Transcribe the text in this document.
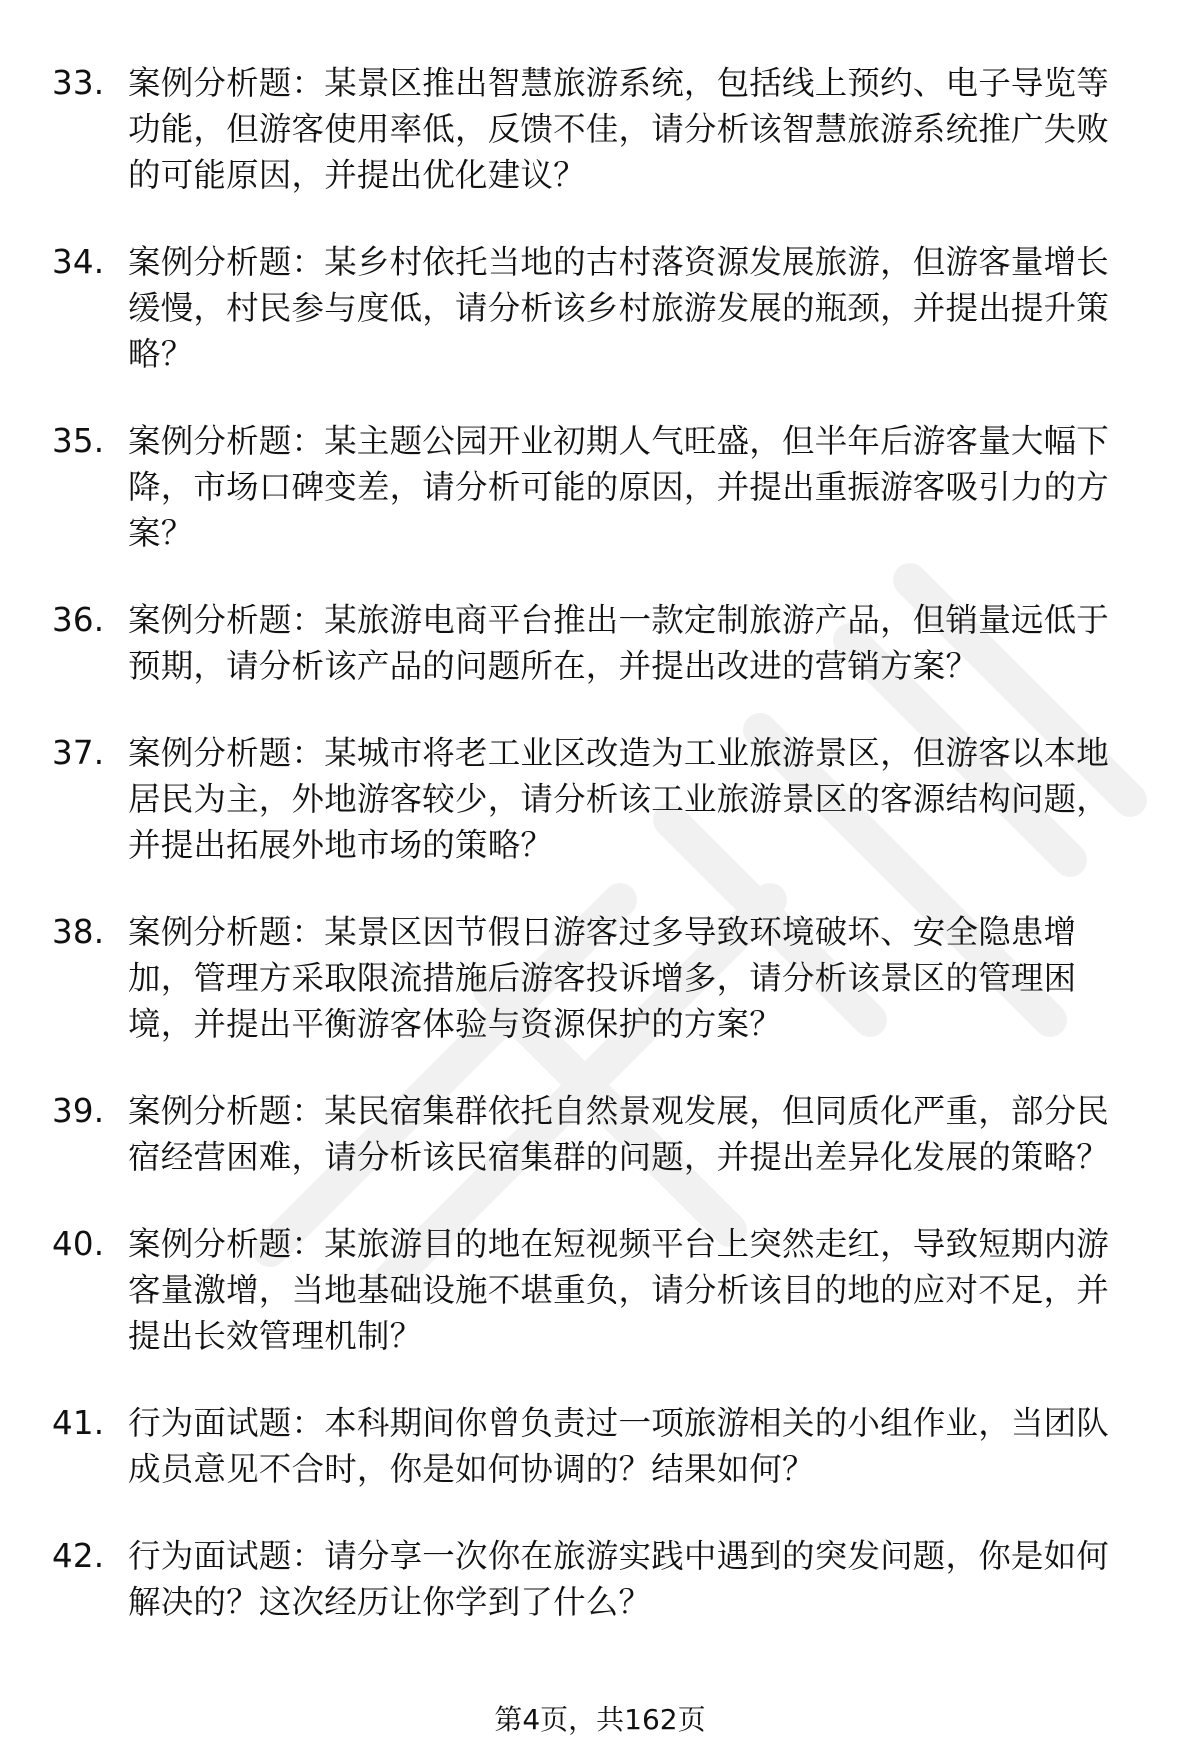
33. 案例分析题：某景区推出智慧旅游系统，包括线上预约、电子导览等功能，但游客使用率低，反馈不佳，请分析该智慧旅游系统推广失败的可能原因，并提出优化建议？
34. 案例分析题：某乡村依托当地的古村落资源发展旅游，但游客量增长缓慢，村民参与度低，请分析该乡村旅游发展的瓶颈，并提出提升策略？
35. 案例分析题：某主题公园开业初期人气旺盛，但半年后游客量大幅下降，市场口碑变差，请分析可能的原因，并提出重振游客吸引力的方案？
36. 案例分析题：某旅游电商平台推出一款定制旅游产品，但销量远低于预期，请分析该产品的问题所在，并提出改进的营销方案？
37. 案例分析题：某城市将老工业区改造为工业旅游景区，但游客以本地居民为主，外地游客较少，请分析该工业旅游景区的客源结构问题，并提出拓展外地市场的策略？
38. 案例分析题：某景区因节假日游客过多导致环境破坏、安全隐患增加，管理方采取限流措施后游客投诉增多，请分析该景区的管理困境，并提出平衡游客体验与资源保护的方案？
39. 案例分析题：某民宿集群依托自然景观发展，但同质化严重，部分民宿经营困难，请分析该民宿集群的问题，并提出差异化发展的策略？
40. 案例分析题：某旅游目的地在短视频平台上突然走红，导致短期内游客量激增，当地基础设施不堪重负，请分析该目的地的应对不足，并提出长效管理机制？
41. 行为面试题：本科期间你曾负责过一项旅游相关的小组作业，当团队成员意见不合时，你是如何协调的？结果如何？
42. 行为面试题：请分享一次你在旅游实践中遇到的突发问题，你是如何解决的？这次经历让你学到了什么？
第4页，共162页
